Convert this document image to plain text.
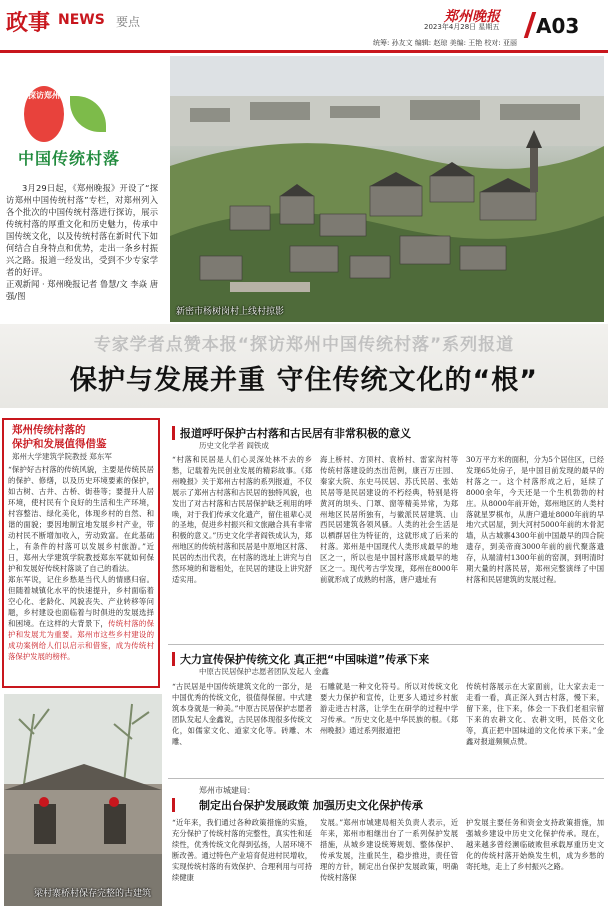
政事 NEWS 要点	郑州晚报
2023年4月28日 星期五
统筹: 孙友文 编辑: 赵琼 美编: 王艳 校对: 亚丽
A03
探访郑州
中国传统村落
3月29日起，《郑州晚报》开设了“探访郑州中国传统村落”专栏，对郑州列入各个批次的中国传统村落进行探访，展示传统村落的厚重文化和历史魅力，传承中国传统文化，以及传统村落在新时代下如何结合自身特点和优势，走出一条乡村振兴之路。报道一经发出，受到不少专家学者的好评。
正观新闻 · 郑州晚报记者 鲁慧/文 李焱 唐强/图
新密市杨树岗村上线村掠影
专家学者点赞本报“探访郑州中国传统村落”系列报道
保护与发展并重 守住传统文化的“根”
郑州传统村落的
保护和发展值得借鉴
郑州大学建筑学院教授 郑东军
“保护好古村落的传统风貌，主要是传统民居的保护、修缮，以及历史环境要素的保护，如古树、古井、古桥、街巷等；要提升人居环境，使村民有个良好的生活和生产环境，村容整洁、绿化美化，体现乡村的自然、和谐的面貌；要因地制宜地发展乡村产业，带动村民不断增加收入，劳动致富。在此基础上，有条件的村落可以发展乡村旅游。”近日，郑州大学建筑学院教授郑东军就如何保护和发展好传统村落谈了自己的看法。
郑东军说，记住乡愁是当代人的情感归宿。但随着城镇化水平的快速提升，乡村面临着空心化、老龄化、风貌丧失、产业转移等问题，乡村建设也面临着与时俱进的发展选择和困境。在这样的大背景下，传统村落的保护和发展尤为重要。郑州市这些乡村建设的成功案例给人们以启示和借鉴，成为传统村落保护发展的榜样。
梁村寨桥村保存完整的古建筑
报道呼吁保护古村落和古民居有非常积极的意义
历史文化学者 阎铁成
“村落和民居是人们心灵深处林不去的乡愁，记载着先民创业发展的精彩故事。《郑州晚报》关于郑州古村落的系列报道，不仅展示了郑州古村落和古民居的独特风貌，也发出了对古村落和古民居保护缺乏利用的呼唤，对于我们传承文化遗产，留住祖辈心灵的圣地，促进乡村振兴和文旅融合具有非常积极的意义。”历史文化学者阎铁成认为，郑州地区的传统村落和民居是中原地区村落、民居的杰出代表，在村落的选址上讲究与自然环境的和谐相处，在民居的建设上讲究舒适实用。
海上桥村、方顶村、袁桥村、雷家沟村等传统村落建设的杰出范例，康百万庄园、秦家大院、东史马民居、苏氏民居、张姑民居等是民居建设的不朽经典，特别是将黄河的坝头、门罩、窗等精美异常，为郑州地区民居所独有，与徽派民居建筑、山西民居建筑各领风骚。人类的社会生活是以栖群居住为特征的，这就形成了后来的村落。郑州是中国现代人类形成最早的地区之一，所以也是中国村落形成最早的地区之一。现代考古学发现，郑州在8000年前就形成了成熟的村落，唐户遗址有
30万平方米的面积，分为5个居住区，已经发现65处房子，是中国目前发现的最早的村落之一。这个村落形成之后，延续了8000余年，今天还是一个生机勃勃的村庄。从8000年前开始，郑州地区的人类村落就星罗棋布，从唐户遗址8000年前的早地穴式居屋，到大河村5000年前的木骨泥墙，从古城寨4300年前中国最早的四合院遗存，到美帝商3000年前的前代聚落遗存，从端清村1300年前的窑洞，到明清时期大量的村落民居，郑州完整演绎了中国村落和民居建筑的发展过程。
大力宣传保护传统文化 真正把“中国味道”传承下来
中原古民居保护志愿者团队发起人 金鑫
“古民居是中国传统建筑文化的一部分，是中国优秀的传统文化，很值得保留。中式建筑本身就是一种美。”中原古民居保护志愿者团队发起人金鑫说，古民居体现很多传统文化，如儒家文化、道家文化等。砖雕、木雕、
石雕就是一种文化符号。所以对传统文化要大力保护和宣传，让更多人通过乡村旅游走进古村落，让学生在研学的过程中学习传承。“历史文化是中华民族的根。《郑州晚报》通过系列报道把
传统村落展示在大家面前，让大家去走一走看一看，真正深入到古村落，慢下来，留下来，住下来，体会一下我们老祖宗留下来的农耕文化、农耕文明，民俗文化等，真正把中国味道的文化传承下来。”金鑫对报道频频点赞。
郑州市城建局：
制定出台保护发展政策 加强历史文化保护传承
“近年来，我们通过各种政策措施的实施，充分保护了传统村落的完整性，真实性和延续性，优秀传统文化得到弘扬，人居环境不断改善。通过特色产业培育促进村民增收，实现传统村落的有效保护、合理利用与可持续健康
发展。”郑州市城建局相关负责人表示，近年来，郑州市相继出台了一系列保护发展措施，从城乡建设统筹规划、整体保护、传承发展，注重民生，稳步推进，责任管理的方针，制定出台保护发展政策，明确传统村落保
护发展主要任务和资金支持政策措施，加强城乡建设中历史文化保护传承。现在，越来越多曾经濒临破败但承载厚重历史文化的传统村落开始焕发生机，成为乡愁的寄托地，走上了乡村振兴之路。
